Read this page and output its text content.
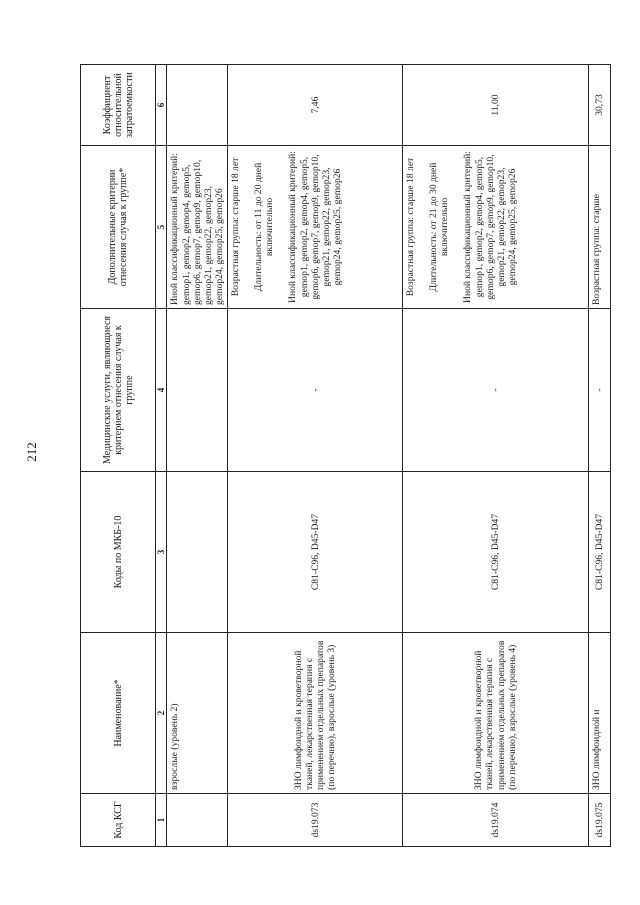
212
Код КСГ	Наименование*	Коды по МКБ-10	Медицинские услуги, являющиеся критерием отнесения случая к группе	Дополнительные критерии отнесения случая к группе*	Коэффициент относительной затратоемкости
1	2	3	4	5	6
	взрослые (уровень 2)			Иной классификационный критерий: gemop1, gemop2, gemop4, gemop5, gemop6, gemop7, gemop9, gemop10, gemop21, gemop22, gemop23, gemop24, gemop25, gemop26	

ds19.073	ЗНО лимфоидной и кроветворной тканей, лекарственная терапия с применением отдельных препаратов (по перечню), взрослые (уровень 3)	C81-C96, D45-D47	-	Возрастная группа: старше 18 лет Длительность: от 11 до 20 дней включительно Иной классификационный критерий: gemop1, gemop2, gemop4, gemop5, gemop6, gemop7, gemop9, gemop10, gemop21, gemop22, gemop23, gemop24, gemop25, gemop26	7,46
ds19.074	ЗНО лимфоидной и кроветворной тканей, лекарственная терапия с применением отдельных препаратов (по перечню), взрослые (уровень 4)	C81-C96, D45-D47	-	Возрастная группа: старше 18 лет Длительность: от 21 до 30 дней включительно Иной классификационный критерий: gemop1, gemop2, gemop4, gemop5, gemop6, gemop7, gemop9, gemop10, gemop21, gemop22, gemop23, gemop24, gemop25, gemop26	11,00
ds19.075	ЗНО лимфоидной и	C81-C96, D45-D47	-	Возрастная группа: старше	30,73
